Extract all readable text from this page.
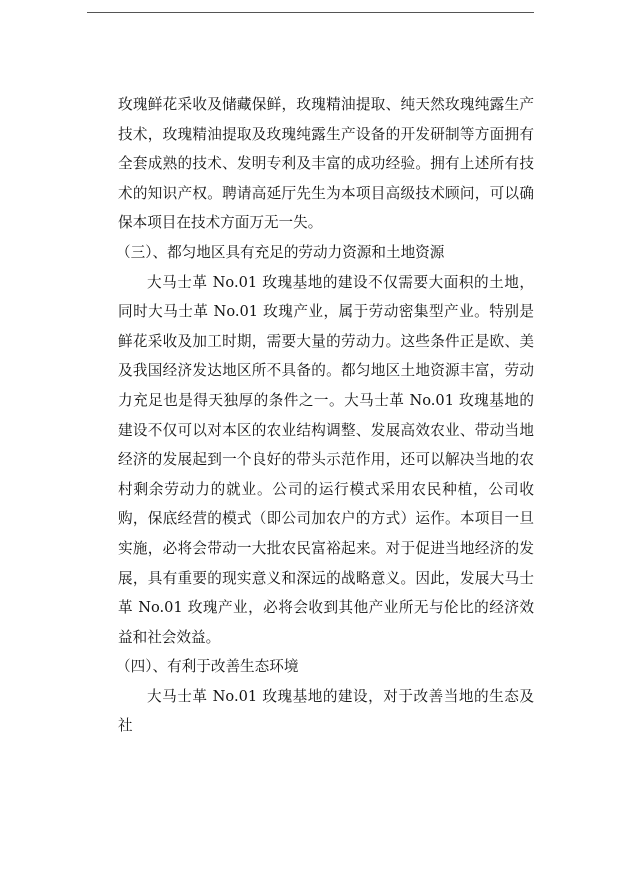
玫瑰鲜花采收及储藏保鲜，玫瑰精油提取、纯天然玫瑰纯露生产技术，玫瑰精油提取及玫瑰纯露生产设备的开发研制等方面拥有全套成熟的技术、发明专利及丰富的成功经验。拥有上述所有技术的知识产权。聘请高延厅先生为本项目高级技术顾问，可以确保本项目在技术方面万无一失。

（三）、都匀地区具有充足的劳动力资源和土地资源

大马士革 No.01 玫瑰基地的建设不仅需要大面积的土地，同时大马士革 No.01 玫瑰产业，属于劳动密集型产业。特别是鲜花采收及加工时期，需要大量的劳动力。这些条件正是欧、美及我国经济发达地区所不具备的。都匀地区土地资源丰富，劳动力充足也是得天独厚的条件之一。大马士革 No.01 玫瑰基地的建设不仅可以对本区的农业结构调整、发展高效农业、带动当地经济的发展起到一个良好的带头示范作用，还可以解决当地的农村剩余劳动力的就业。公司的运行模式采用农民种植，公司收购，保底经营的模式（即公司加农户的方式）运作。本项目一旦实施，必将会带动一大批农民富裕起来。对于促进当地经济的发展，具有重要的现实意义和深远的战略意义。因此，发展大马士革 No.01 玫瑰产业，必将会收到其他产业所无与伦比的经济效益和社会效益。

（四）、有利于改善生态环境

大马士革 No.01 玫瑰基地的建设，对于改善当地的生态及社
